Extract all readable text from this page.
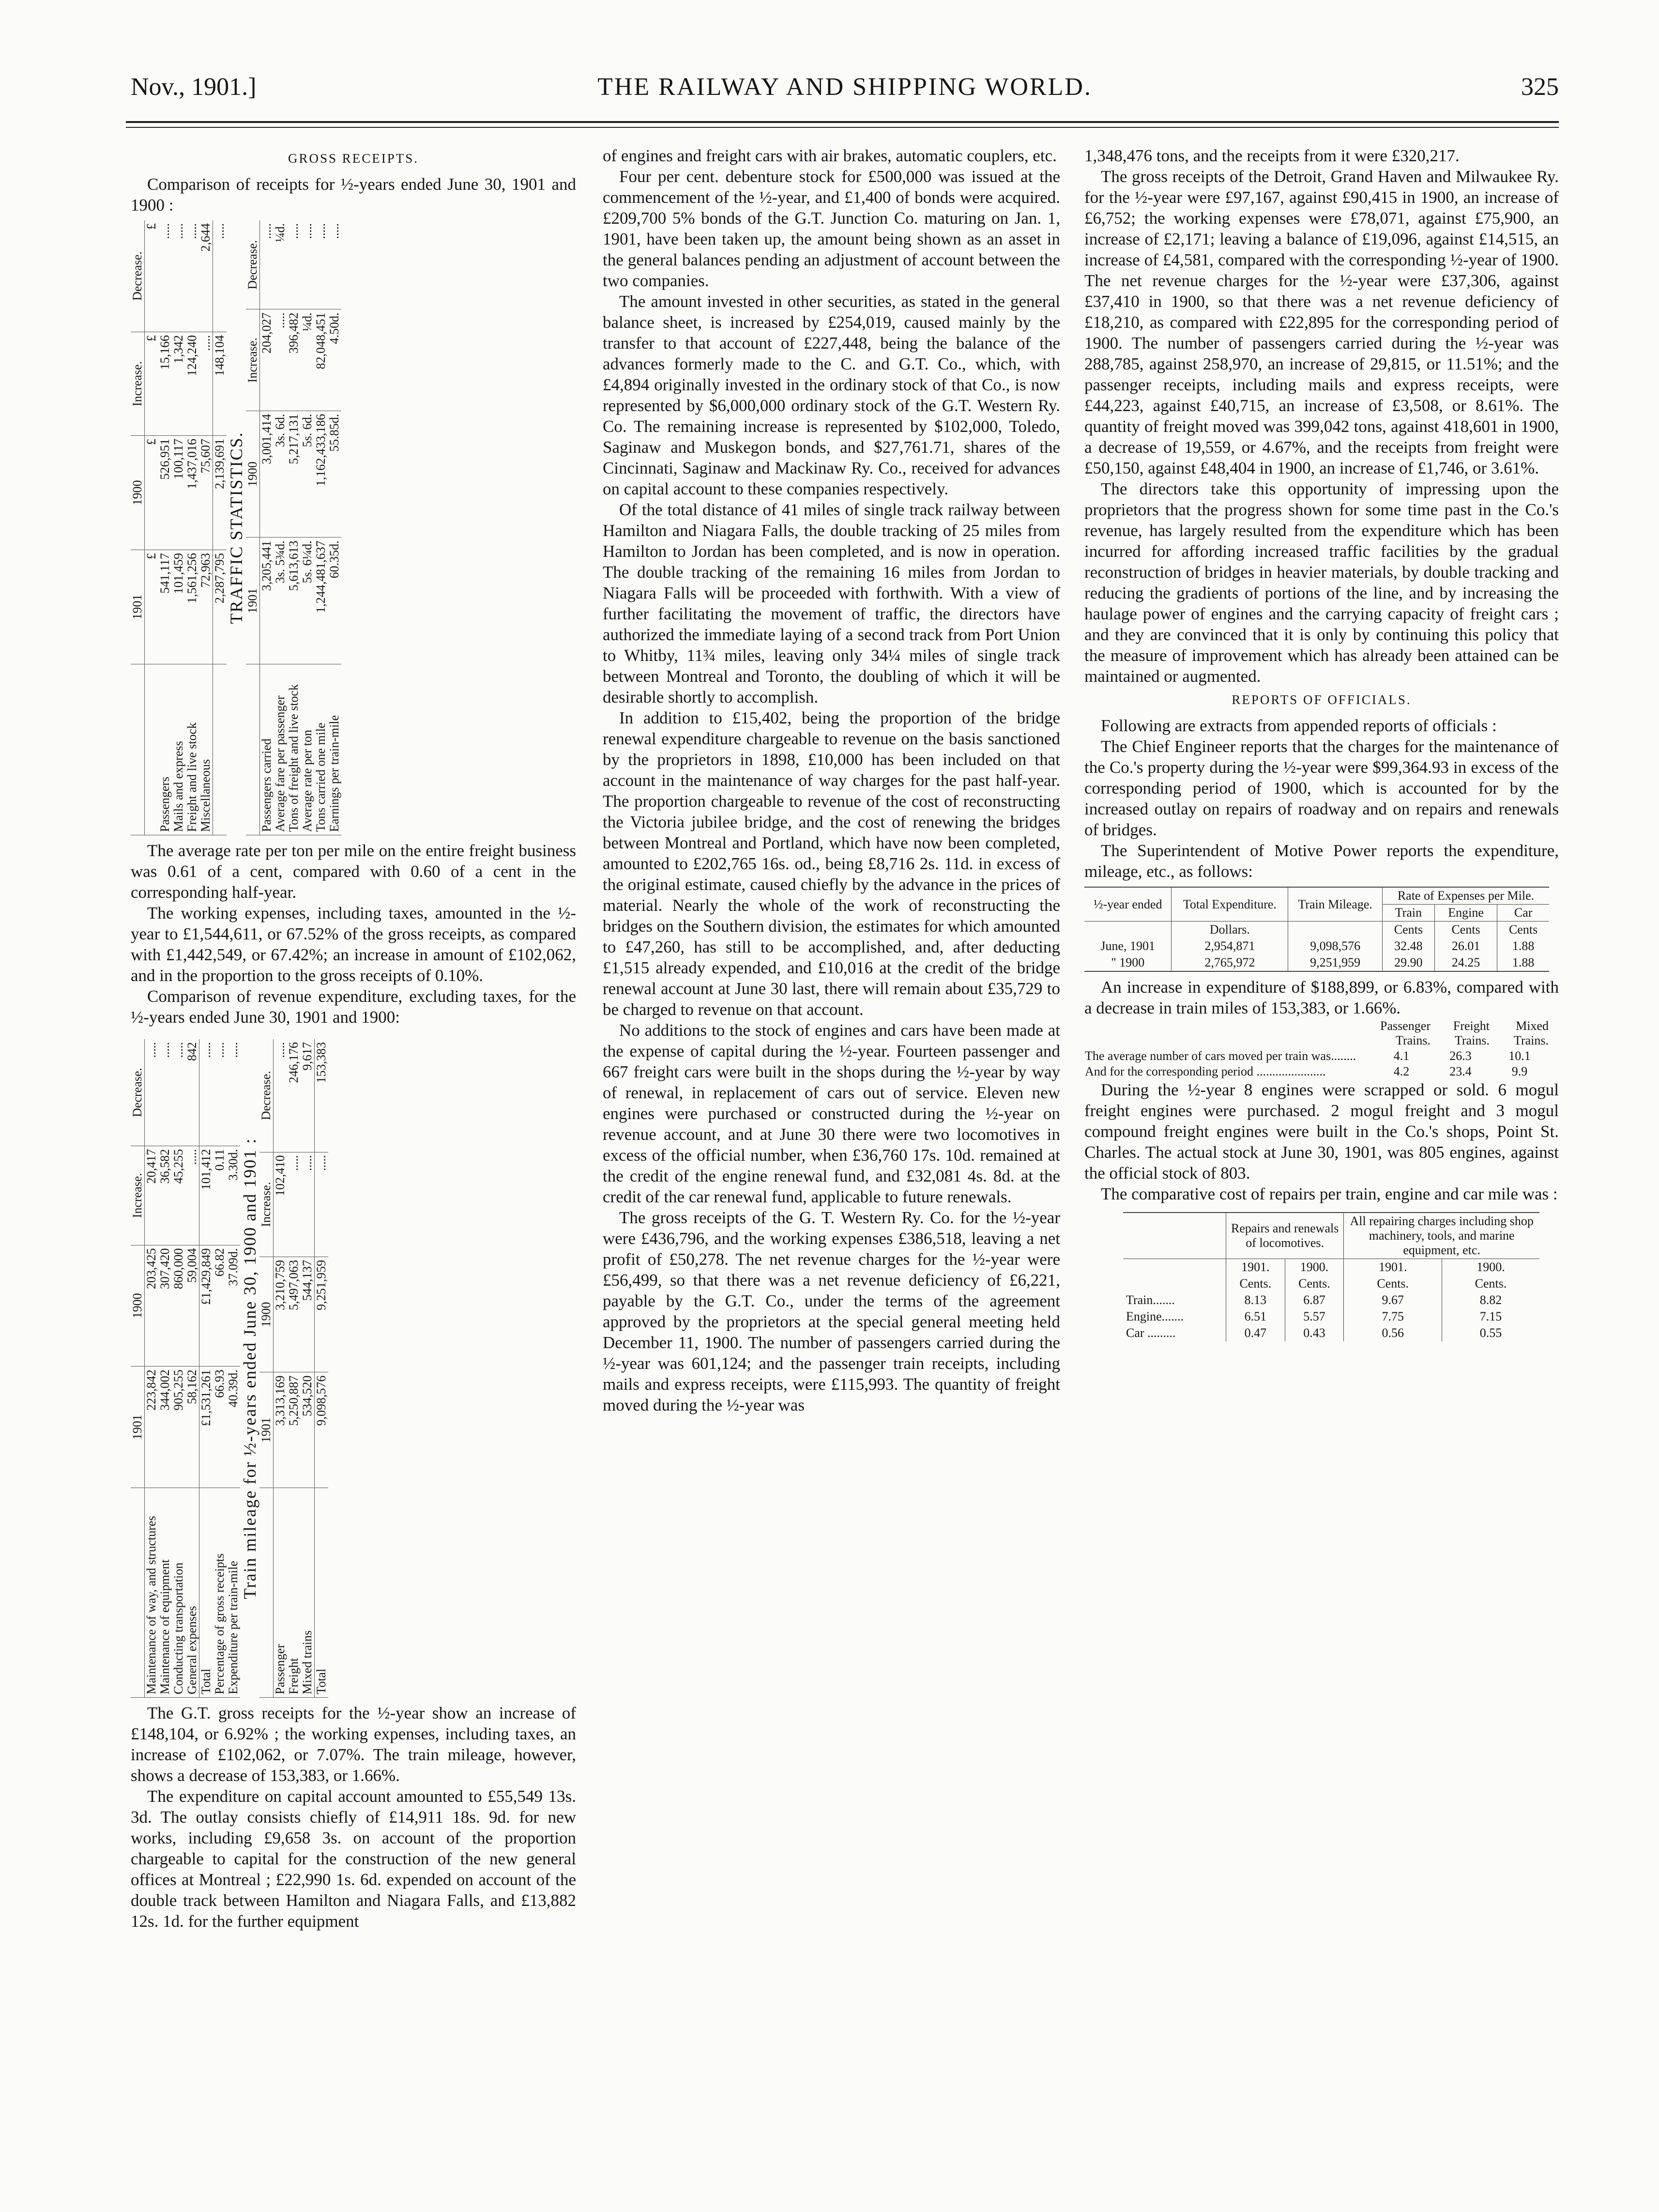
Nov., 1901.]	THE RAILWAY AND SHIPPING WORLD.	325
GROSS RECEIPTS.

Comparison of receipts for ½-years ended June 30, 1901 and 1900 :

	1901	1900	Increase.	Decrease.
	£	£	£	£
Passengers	541,117	526,951	15,166	.....
Mails and express	101,459	100,117	1,342	.....
Freight and live stock	1,561,256	1,437,016	124,240	.....
Miscellaneous	72,963	75,607	.....	2,644
	2,287,795	2,139,691	148,104	.....
TRAFFIC STATISTICS.
	1901	1900	Increase.	Decrease.
Passengers carried	3,205,441	3,001,414	204,027	.....
Average fare per passenger	3s. 5¾d.	3s. 6d.	.....	¼d.
Tons of freight and live stock	5,613,613	5,217,131	396,482	.....
Average rate per ton	5s. 6¼d.	5s. 6d.	¼d.	.....
Tons carried one mile	1,244,481,637	1,162,433,186	82,048,451	.....
Earnings per train-mile	60.35d.	55.85d.	4.50d.	.....

The average rate per ton per mile on the entire freight business was 0.61 of a cent, compared with 0.60 of a cent in the corresponding half-year.

The working expenses, including taxes, amounted in the ½-year to £1,544,611, or 67.52% of the gross receipts, as compared with £1,442,549, or 67.42%; an increase in amount of £102,062, and in the proportion to the gross receipts of 0.10%.

Comparison of revenue expenditure, excluding taxes, for the ½-years ended June 30, 1901 and 1900:

	1901	1900	Increase.	Decrease.
Maintenance of way, and structures	223,842	203,425	20,417	.....
Maintenance of equipment	344,002	307,420	36,582	.....
Conducting transportation	905,255	860,000	45,255	.....
General expenses	58,162	59,004	.....	842
Total	£1,531,261	£1,429,849	101,412	.....
Percentage of gross receipts	66.93	66.82	0.11	.....
Expenditure per train-mile	40.39d.	37.09d.	3.30d.	.....
Train mileage for ½-years ended June 30, 1900 and 1901 :
	1901	1900	Increase.	Decrease.
Passenger	3,313,169	3,210,759	102,410	.....
Freight	5,250,887	5,497,063	.....	246,176
Mixed trains	534,520	544,137	.....	9,617
Total	9,098,576	9,251,959	.....	153,383

The G.T. gross receipts for the ½-year show an increase of £148,104, or 6.92% ; the working expenses, including taxes, an increase of £102,062, or 7.07%. The train mileage, however, shows a decrease of 153,383, or 1.66%.

The expenditure on capital account amounted to £55,549 13s. 3d. The outlay consists chiefly of £14,911 18s. 9d. for new works, including £9,658 3s. on account of the proportion chargeable to capital for the construction of the new general offices at Montreal ; £22,990 1s. 6d. expended on account of the double track between Hamilton and Niagara Falls, and £13,882 12s. 1d. for the further equipment

of engines and freight cars with air brakes, automatic couplers, etc.

Four per cent. debenture stock for £500,000 was issued at the commencement of the ½-year, and £1,400 of bonds were acquired. £209,700 5% bonds of the G.T. Junction Co. maturing on Jan. 1, 1901, have been taken up, the amount being shown as an asset in the general balances pending an adjustment of account between the two companies.

The amount invested in other securities, as stated in the general balance sheet, is increased by £254,019, caused mainly by the transfer to that account of £227,448, being the balance of the advances formerly made to the C. and G.T. Co., which, with £4,894 originally invested in the ordinary stock of that Co., is now represented by $6,000,000 ordinary stock of the G.T. Western Ry. Co. The remaining increase is represented by $102,000, Toledo, Saginaw and Muskegon bonds, and $27,761.71, shares of the Cincinnati, Saginaw and Mackinaw Ry. Co., received for advances on capital account to these companies respectively.

Of the total distance of 41 miles of single track railway between Hamilton and Niagara Falls, the double tracking of 25 miles from Hamilton to Jordan has been completed, and is now in operation. The double tracking of the remaining 16 miles from Jordan to Niagara Falls will be proceeded with forthwith. With a view of further facilitating the movement of traffic, the directors have authorized the immediate laying of a second track from Port Union to Whitby, 11¾ miles, leaving only 34¼ miles of single track between Montreal and Toronto, the doubling of which it will be desirable shortly to accomplish.

In addition to £15,402, being the proportion of the bridge renewal expenditure chargeable to revenue on the basis sanctioned by the proprietors in 1898, £10,000 has been included on that account in the maintenance of way charges for the past half-year. The proportion chargeable to revenue of the cost of reconstructing the Victoria jubilee bridge, and the cost of renewing the bridges between Montreal and Portland, which have now been completed, amounted to £202,765 16s. od., being £8,716 2s. 11d. in excess of the original estimate, caused chiefly by the advance in the prices of material. Nearly the whole of the work of reconstructing the bridges on the Southern division, the estimates for which amounted to £47,260, has still to be accomplished, and, after deducting £1,515 already expended, and £10,016 at the credit of the bridge renewal account at June 30 last, there will remain about £35,729 to be charged to revenue on that account.

No additions to the stock of engines and cars have been made at the expense of capital during the ½-year. Fourteen passenger and 667 freight cars were built in the shops during the ½-year by way of renewal, in replacement of cars out of service. Eleven new engines were purchased or constructed during the ½-year on revenue account, and at June 30 there were two locomotives in excess of the official number, when £36,760 17s. 10d. remained at the credit of the engine renewal fund, and £32,081 4s. 8d. at the credit of the car renewal fund, applicable to future renewals.

The gross receipts of the G. T. Western Ry. Co. for the ½-year were £436,796, and the working expenses £386,518, leaving a net profit of £50,278. The net revenue charges for the ½-year were £56,499, so that there was a net revenue deficiency of £6,221, payable by the G.T. Co., under the terms of the agreement approved by the proprietors at the special general meeting held December 11, 1900. The number of passengers carried during the ½-year was 601,124; and the passenger train receipts, including mails and express receipts, were £115,993. The quantity of freight moved during the ½-year was

1,348,476 tons, and the receipts from it were £320,217.

The gross receipts of the Detroit, Grand Haven and Milwaukee Ry. for the ½-year were £97,167, against £90,415 in 1900, an increase of £6,752; the working expenses were £78,071, against £75,900, an increase of £2,171; leaving a balance of £19,096, against £14,515, an increase of £4,581, compared with the corresponding ½-year of 1900. The net revenue charges for the ½-year were £37,306, against £37,410 in 1900, so that there was a net revenue deficiency of £18,210, as compared with £22,895 for the corresponding period of 1900. The number of passengers carried during the ½-year was 288,785, against 258,970, an increase of 29,815, or 11.51%; and the passenger receipts, including mails and express receipts, were £44,223, against £40,715, an increase of £3,508, or 8.61%. The quantity of freight moved was 399,042 tons, against 418,601 in 1900, a decrease of 19,559, or 4.67%, and the receipts from freight were £50,150, against £48,404 in 1900, an increase of £1,746, or 3.61%.

The directors take this opportunity of impressing upon the proprietors that the progress shown for some time past in the Co.'s revenue, has largely resulted from the expenditure which has been incurred for affording increased traffic facilities by the gradual reconstruction of bridges in heavier materials, by double tracking and reducing the gradients of portions of the line, and by increasing the haulage power of engines and the carrying capacity of freight cars ; and they are convinced that it is only by continuing this policy that the measure of improvement which has already been attained can be maintained or augmented.

REPORTS OF OFFICIALS.

Following are extracts from appended reports of officials :

The Chief Engineer reports that the charges for the maintenance of the Co.'s property during the ½-year were $99,364.93 in excess of the corresponding period of 1900, which is accounted for by the increased outlay on repairs of roadway and on repairs and renewals of bridges.

The Superintendent of Motive Power reports the expenditure, mileage, etc., as follows:

½-year ended	Total Expenditure.	Train Mileage.	Rate of Expenses per Mile.		
			Train	Engine	Car
	Dollars.		Cents	Cents	Cents
June, 1901	2,954,871	9,098,576	32.48	26.01	1.88
" 1900	2,765,972	9,251,959	29.90	24.25	1.88

An increase in expenditure of $188,899, or 6.83%, compared with a decrease in train miles of 153,383, or 1.66%.

	Passenger Trains.	Freight Trains.	Mixed Trains.
The average number of cars moved per train was........	4.1	26.3	10.1
And for the corresponding period ......................	4.2	23.4	9.9

During the ½-year 8 engines were scrapped or sold. 6 mogul freight engines were purchased. 2 mogul freight and 3 mogul compound freight engines were built in the Co.'s shops, Point St. Charles. The actual stock at June 30, 1901, was 805 engines, against the official stock of 803.

The comparative cost of repairs per train, engine and car mile was :

	Repairs and renewals of locomotives.		All repairing charges including shop machinery, tools, and marine equipment, etc.	
	1901.	1900.	1901.	1900.
	Cents.	Cents.	Cents.	Cents.
Train.......	8.13	6.87	9.67	8.82
Engine.......	6.51	5.57	7.75	7.15
Car .........	0.47	0.43	0.56	0.55
